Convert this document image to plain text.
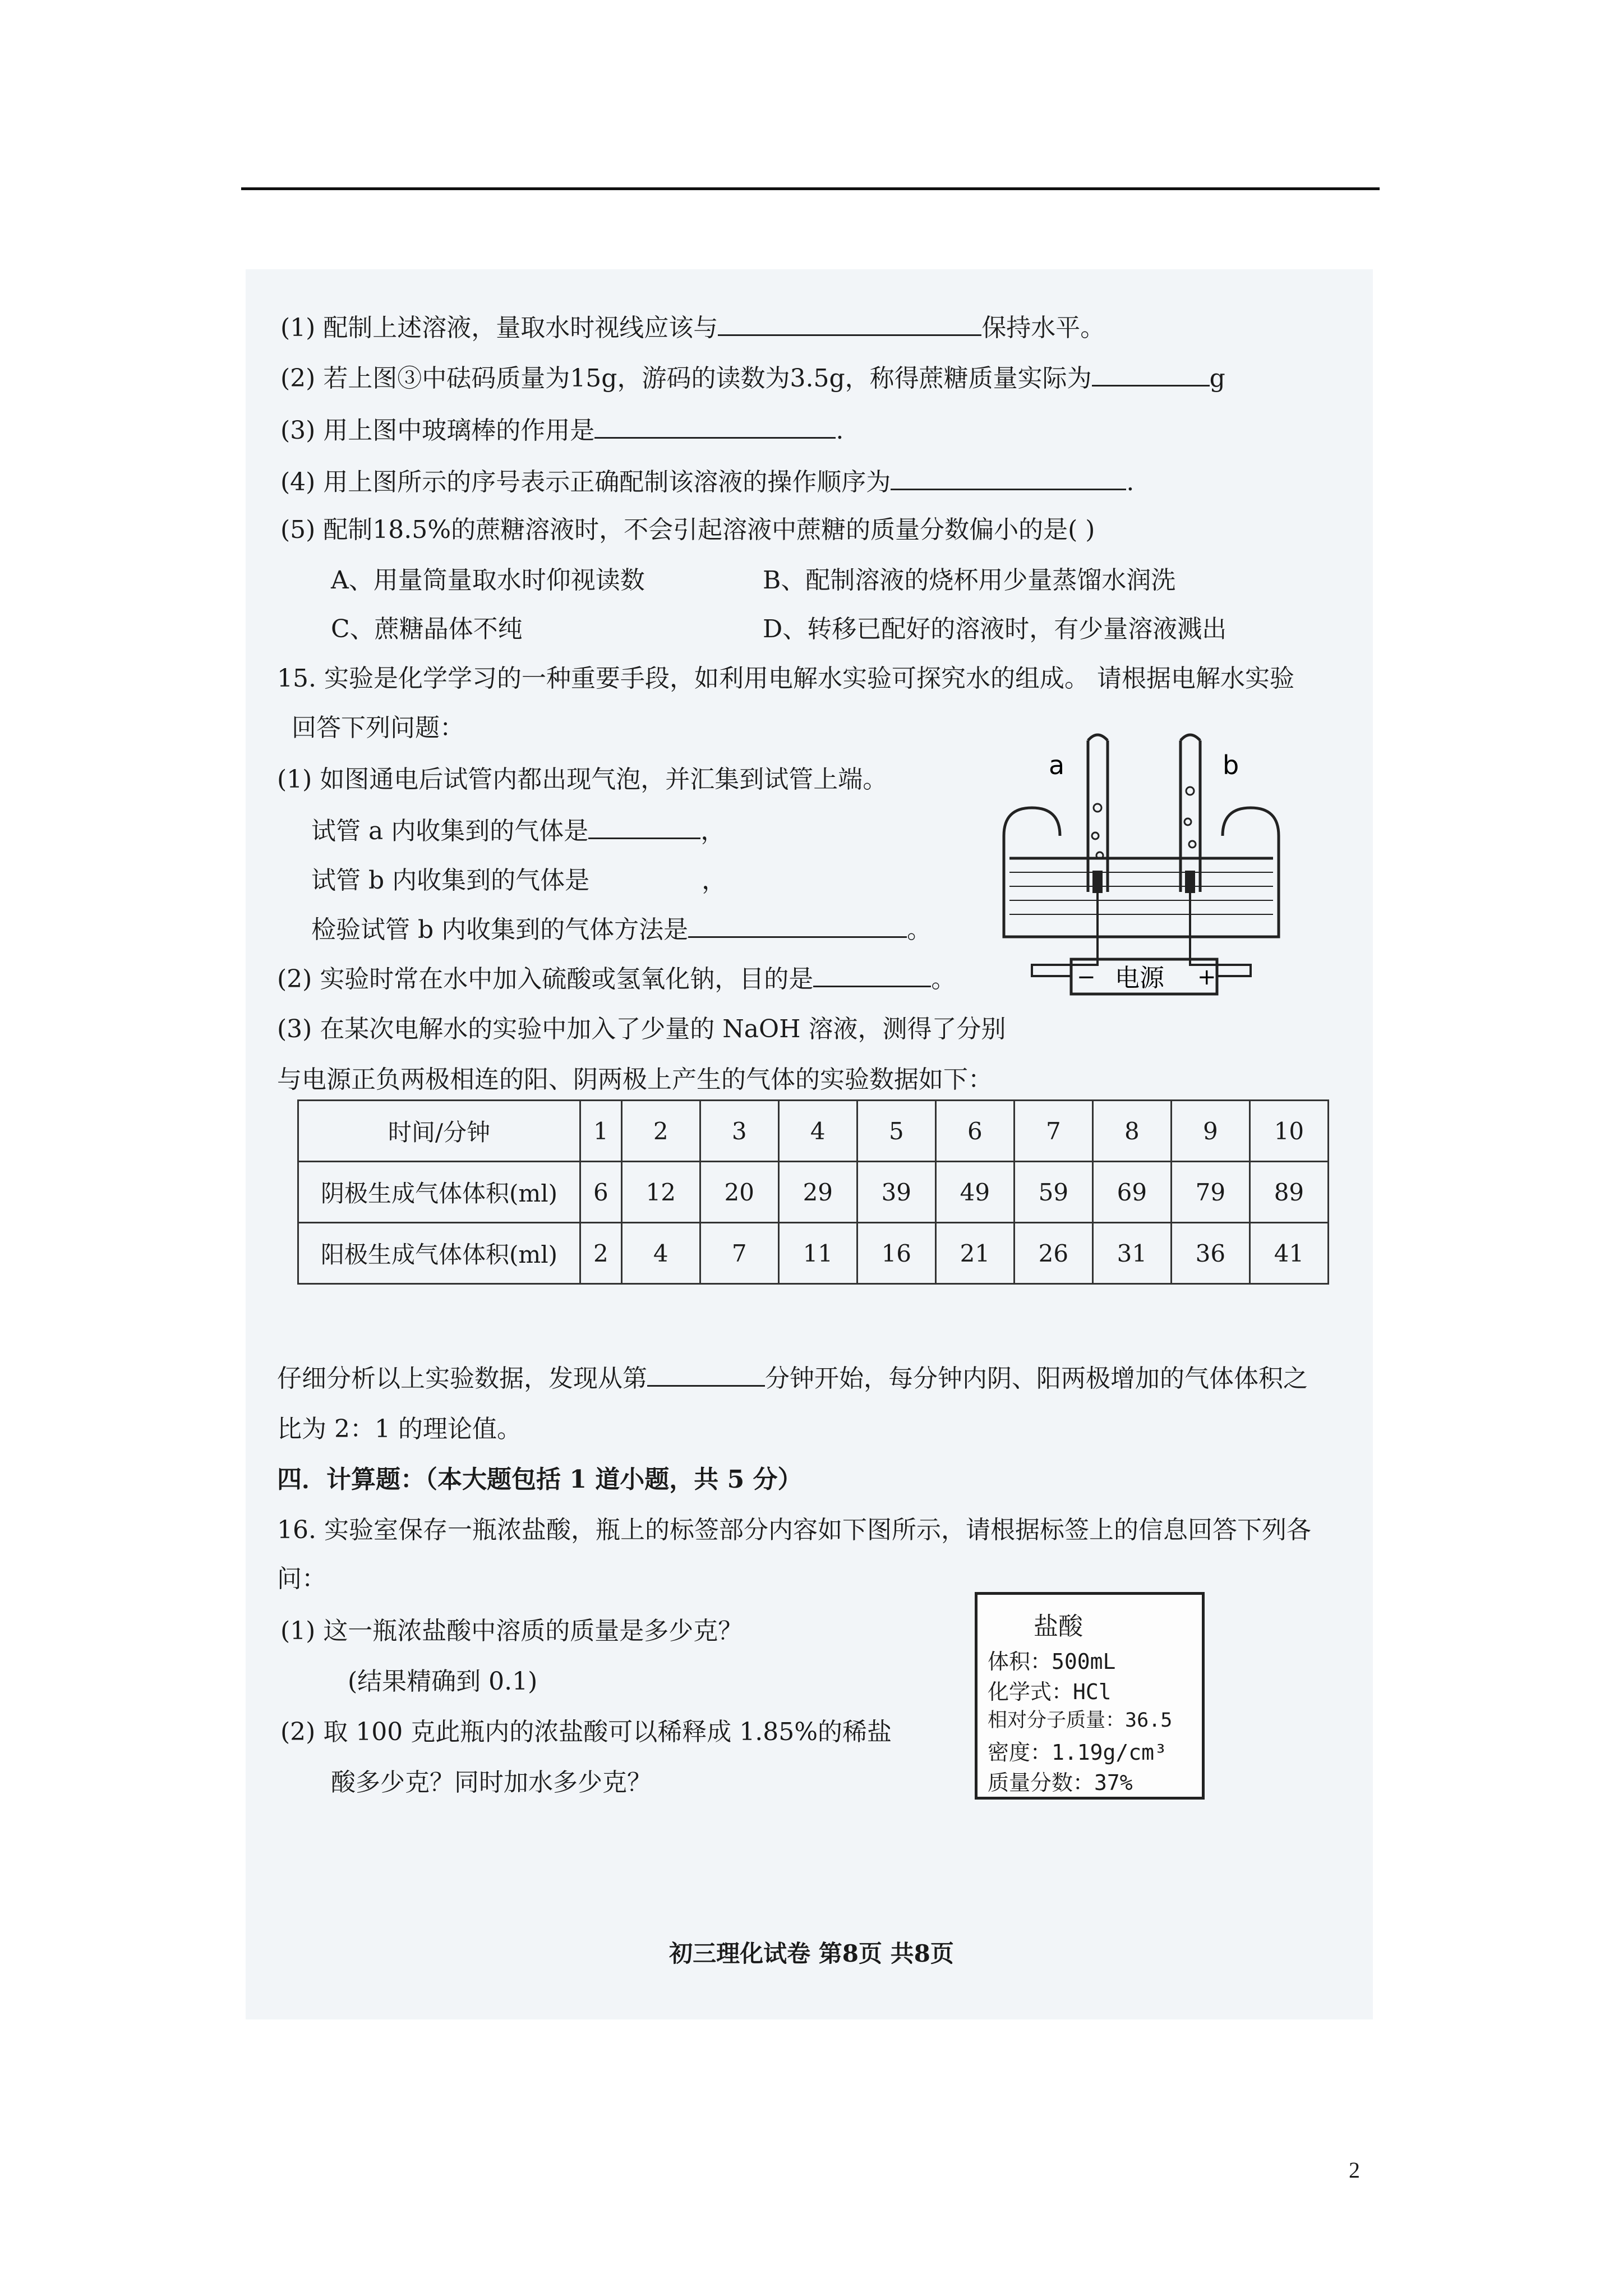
(1) 配制上述溶液，量取水时视线应该与	保持水平。
(2) 若上图③中砝码质量为15g，游码的读数为3.5g，称得蔗糖质量实际为	g
(3) 用上图中玻璃棒的作用是	.
(4) 用上图所示的序号表示正确配制该溶液的操作顺序为	.
(5) 配制18.5%的蔗糖溶液时，不会引起溶液中蔗糖的质量分数偏小的是( )
A、用量筒量取水时仰视读数	B、配制溶液的烧杯用少量蒸馏水润洗
C、蔗糖晶体不纯	D、转移已配好的溶液时，有少量溶液溅出
15. 实验是化学学习的一种重要手段，如利用电解水实验可探究水的组成。 请根据电解水实验
回答下列问题：
(1) 如图通电后试管内都出现气泡，并汇集到试管上端。
试管 a 内收集到的气体是	，
试管 b 内收集到的气体是	，
检验试管 b 内收集到的气体方法是	。
(2) 实验时常在水中加入硫酸或氢氧化钠，目的是	。
(3) 在某次电解水的实验中加入了少量的 NaOH 溶液，测得了分别
与电源正负两极相连的阳、阴两极上产生的气体的实验数据如下：
a	b
− 电源 +
时间/分钟	1	2	3	4	5	6	7	8	9	10
阴极生成气体体积(ml)	6	12	20	29	39	49	59	69	79	89
阳极生成气体体积(ml)	2	4	7	11	16	21	26	31	36	41
仔细分析以上实验数据，发现从第	分钟开始，每分钟内阴、阳两极增加的气体体积之
比为 2：1 的理论值。
四．计算题：（本大题包括 1 道小题，共 5 分）
16. 实验室保存一瓶浓盐酸，瓶上的标签部分内容如下图所示，请根据标签上的信息回答下列各
问：
(1) 这一瓶浓盐酸中溶质的质量是多少克？
(结果精确到 0.1)
(2) 取 100 克此瓶内的浓盐酸可以稀释成 1.85%的稀盐
酸多少克？同时加水多少克？
盐酸
体积：500mL
化学式：HCl
相对分子质量：36.5
密度：1.19g/cm³
质量分数：37%
初三理化试卷 第8页 共8页
2
